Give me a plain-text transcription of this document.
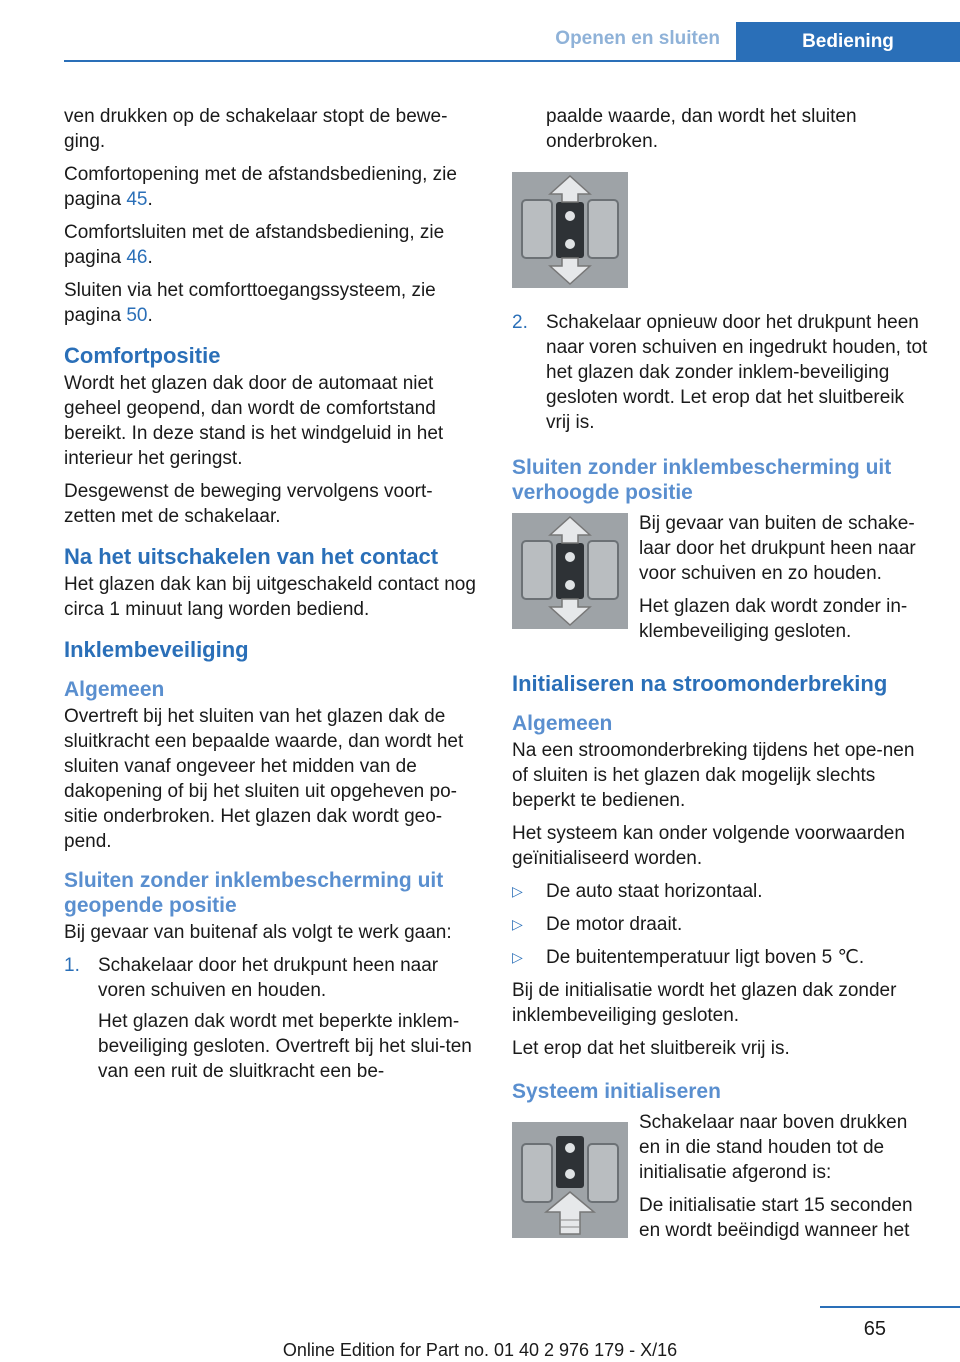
Openen en sluiten	Bediening

ven drukken op de schakelaar stopt de bewe‐ging.

Comfortopening met de afstandsbediening, zie pagina 45.

Comfortsluiten met de afstandsbediening, zie pagina 46.

Sluiten via het comforttoegangssysteem, zie pagina 50.

Comfortpositie

Wordt het glazen dak door de automaat niet geheel geopend, dan wordt de comfortstand bereikt. In deze stand is het windgeluid in het interieur het geringst.

Desgewenst de beweging vervolgens voort‐zetten met de schakelaar.

Na het uitschakelen van het contact

Het glazen dak kan bij uitgeschakeld contact nog circa 1 minuut lang worden bediend.

Inklembeveiliging
Algemeen

Overtreft bij het sluiten van het glazen dak de sluitkracht een bepaalde waarde, dan wordt het sluiten vanaf ongeveer het midden van de dakopening of bij het sluiten uit opgeheven po‐sitie onderbroken. Het glazen dak wordt geo‐pend.

Sluiten zonder inklembescherming uit geopende positie

Bij gevaar van buitenaf als volgt te werk gaan:

1. Schakelaar door het drukpunt heen naar voren schuiven en houden.

Het glazen dak wordt met beperkte inklem‐beveiliging gesloten. Overtreft bij het slui‐ten van een ruit de sluitkracht een be‐

paalde waarde, dan wordt het sluiten onderbroken.

2. Schakelaar opnieuw door het drukpunt heen naar voren schuiven en ingedrukt houden, tot het glazen dak zonder inklem‐beveiliging gesloten wordt. Let erop dat het sluitbereik vrij is.

Sluiten zonder inklembescherming uit verhoogde positie

Bij gevaar van buiten de schake‐laar door het drukpunt heen naar voor schuiven en zo houden.

Het glazen dak wordt zonder in‐klembeveiliging gesloten.

Initialiseren na stroomonderbreking
Algemeen

Na een stroomonderbreking tijdens het ope‐nen of sluiten is het glazen dak mogelijk slechts beperkt te bedienen.

Het systeem kan onder volgende voorwaarden geïnitialiseerd worden.

▷	De auto staat horizontaal.
▷	De motor draait.
▷	De buitentemperatuur ligt boven 5 ℃.

Bij de initialisatie wordt het glazen dak zonder inklembeveiliging gesloten.

Let erop dat het sluitbereik vrij is.

Systeem initialiseren

Schakelaar naar boven drukken en in die stand houden tot de initialisatie afgerond is:

De initialisatie start 15 seconden en wordt beëindigd wanneer het

65
Online Edition for Part no. 01 40 2 976 179 - X/16
